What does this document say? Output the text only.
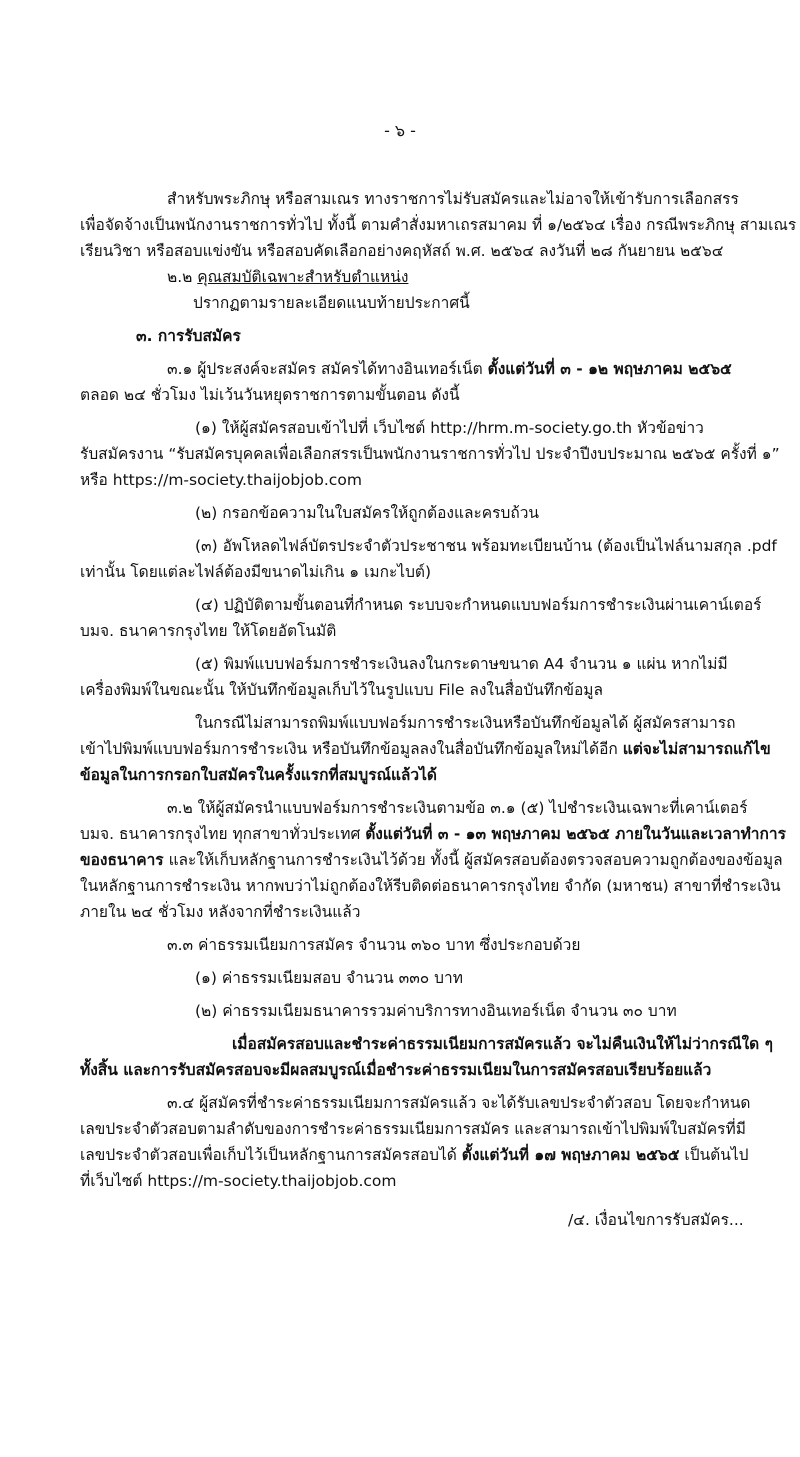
- ๖ -
สำหรับพระภิกษุ หรือสามเณร ทางราชการไม่รับสมัครและไม่อาจให้เข้ารับการเลือกสรร
เพื่อจัดจ้างเป็นพนักงานราชการทั่วไป ทั้งนี้ ตามคำสั่งมหาเถรสมาคม ที่ ๑/๒๕๖๔ เรื่อง กรณีพระภิกษุ สามเณร
เรียนวิชา หรือสอบแข่งขัน หรือสอบคัดเลือกอย่างคฤหัสถ์ พ.ศ. ๒๕๖๔ ลงวันที่ ๒๘ กันยายน ๒๕๖๔
๒.๒ คุณสมบัติเฉพาะสำหรับตำแหน่ง
ปรากฏตามรายละเอียดแนบท้ายประกาศนี้
๓. การรับสมัคร
๓.๑ ผู้ประสงค์จะสมัคร สมัครได้ทางอินเทอร์เน็ต ตั้งแต่วันที่ ๓ - ๑๒ พฤษภาคม ๒๕๖๕
ตลอด ๒๔ ชั่วโมง ไม่เว้นวันหยุดราชการตามขั้นตอน ดังนี้
(๑) ให้ผู้สมัครสอบเข้าไปที่ เว็บไซต์ http://hrm.m-society.go.th หัวข้อข่าว
รับสมัครงาน “รับสมัครบุคคลเพื่อเลือกสรรเป็นพนักงานราชการทั่วไป ประจำปีงบประมาณ ๒๕๖๕ ครั้งที่ ๑”
หรือ https://m-society.thaijobjob.com
(๒) กรอกข้อความในใบสมัครให้ถูกต้องและครบถ้วน
(๓) อัพโหลดไฟล์บัตรประจำตัวประชาชน พร้อมทะเบียนบ้าน (ต้องเป็นไฟล์นามสกุล .pdf
เท่านั้น โดยแต่ละไฟล์ต้องมีขนาดไม่เกิน ๑ เมกะไบต์)
(๔) ปฏิบัติตามขั้นตอนที่กำหนด ระบบจะกำหนดแบบฟอร์มการชำระเงินผ่านเคาน์เตอร์
บมจ. ธนาคารกรุงไทย ให้โดยอัตโนมัติ
(๕) พิมพ์แบบฟอร์มการชำระเงินลงในกระดาษขนาด A4 จำนวน ๑ แผ่น หากไม่มี
เครื่องพิมพ์ในขณะนั้น ให้บันทึกข้อมูลเก็บไว้ในรูปแบบ File ลงในสื่อบันทึกข้อมูล
ในกรณีไม่สามารถพิมพ์แบบฟอร์มการชำระเงินหรือบันทึกข้อมูลได้ ผู้สมัครสามารถ
เข้าไปพิมพ์แบบฟอร์มการชำระเงิน หรือบันทึกข้อมูลลงในสื่อบันทึกข้อมูลใหม่ได้อีก แต่จะไม่สามารถแก้ไข
ข้อมูลในการกรอกใบสมัครในครั้งแรกที่สมบูรณ์แล้วได้
๓.๒ ให้ผู้สมัครนำแบบฟอร์มการชำระเงินตามข้อ ๓.๑ (๕) ไปชำระเงินเฉพาะที่เคาน์เตอร์
บมจ. ธนาคารกรุงไทย ทุกสาขาทั่วประเทศ ตั้งแต่วันที่ ๓ - ๑๓ พฤษภาคม ๒๕๖๕ ภายในวันและเวลาทำการ
ของธนาคาร และให้เก็บหลักฐานการชำระเงินไว้ด้วย ทั้งนี้ ผู้สมัครสอบต้องตรวจสอบความถูกต้องของข้อมูล
ในหลักฐานการชำระเงิน หากพบว่าไม่ถูกต้องให้รีบติดต่อธนาคารกรุงไทย จำกัด (มหาชน) สาขาที่ชำระเงิน
ภายใน ๒๔ ชั่วโมง หลังจากที่ชำระเงินแล้ว
๓.๓ ค่าธรรมเนียมการสมัคร จำนวน ๓๖๐ บาท ซึ่งประกอบด้วย
(๑) ค่าธรรมเนียมสอบ จำนวน ๓๓๐ บาท
(๒) ค่าธรรมเนียมธนาคารรวมค่าบริการทางอินเทอร์เน็ต จำนวน ๓๐ บาท
เมื่อสมัครสอบและชำระค่าธรรมเนียมการสมัครแล้ว จะไม่คืนเงินให้ไม่ว่ากรณีใด ๆ
ทั้งสิ้น และการรับสมัครสอบจะมีผลสมบูรณ์เมื่อชำระค่าธรรมเนียมในการสมัครสอบเรียบร้อยแล้ว
๓.๔ ผู้สมัครที่ชำระค่าธรรมเนียมการสมัครแล้ว จะได้รับเลขประจำตัวสอบ โดยจะกำหนด
เลขประจำตัวสอบตามลำดับของการชำระค่าธรรมเนียมการสมัคร และสามารถเข้าไปพิมพ์ใบสมัครที่มี
เลขประจำตัวสอบเพื่อเก็บไว้เป็นหลักฐานการสมัครสอบได้ ตั้งแต่วันที่ ๑๗ พฤษภาคม ๒๕๖๕ เป็นต้นไป
ที่เว็บไซต์ https://m-society.thaijobjob.com
/๔. เงื่อนไขการรับสมัคร...
